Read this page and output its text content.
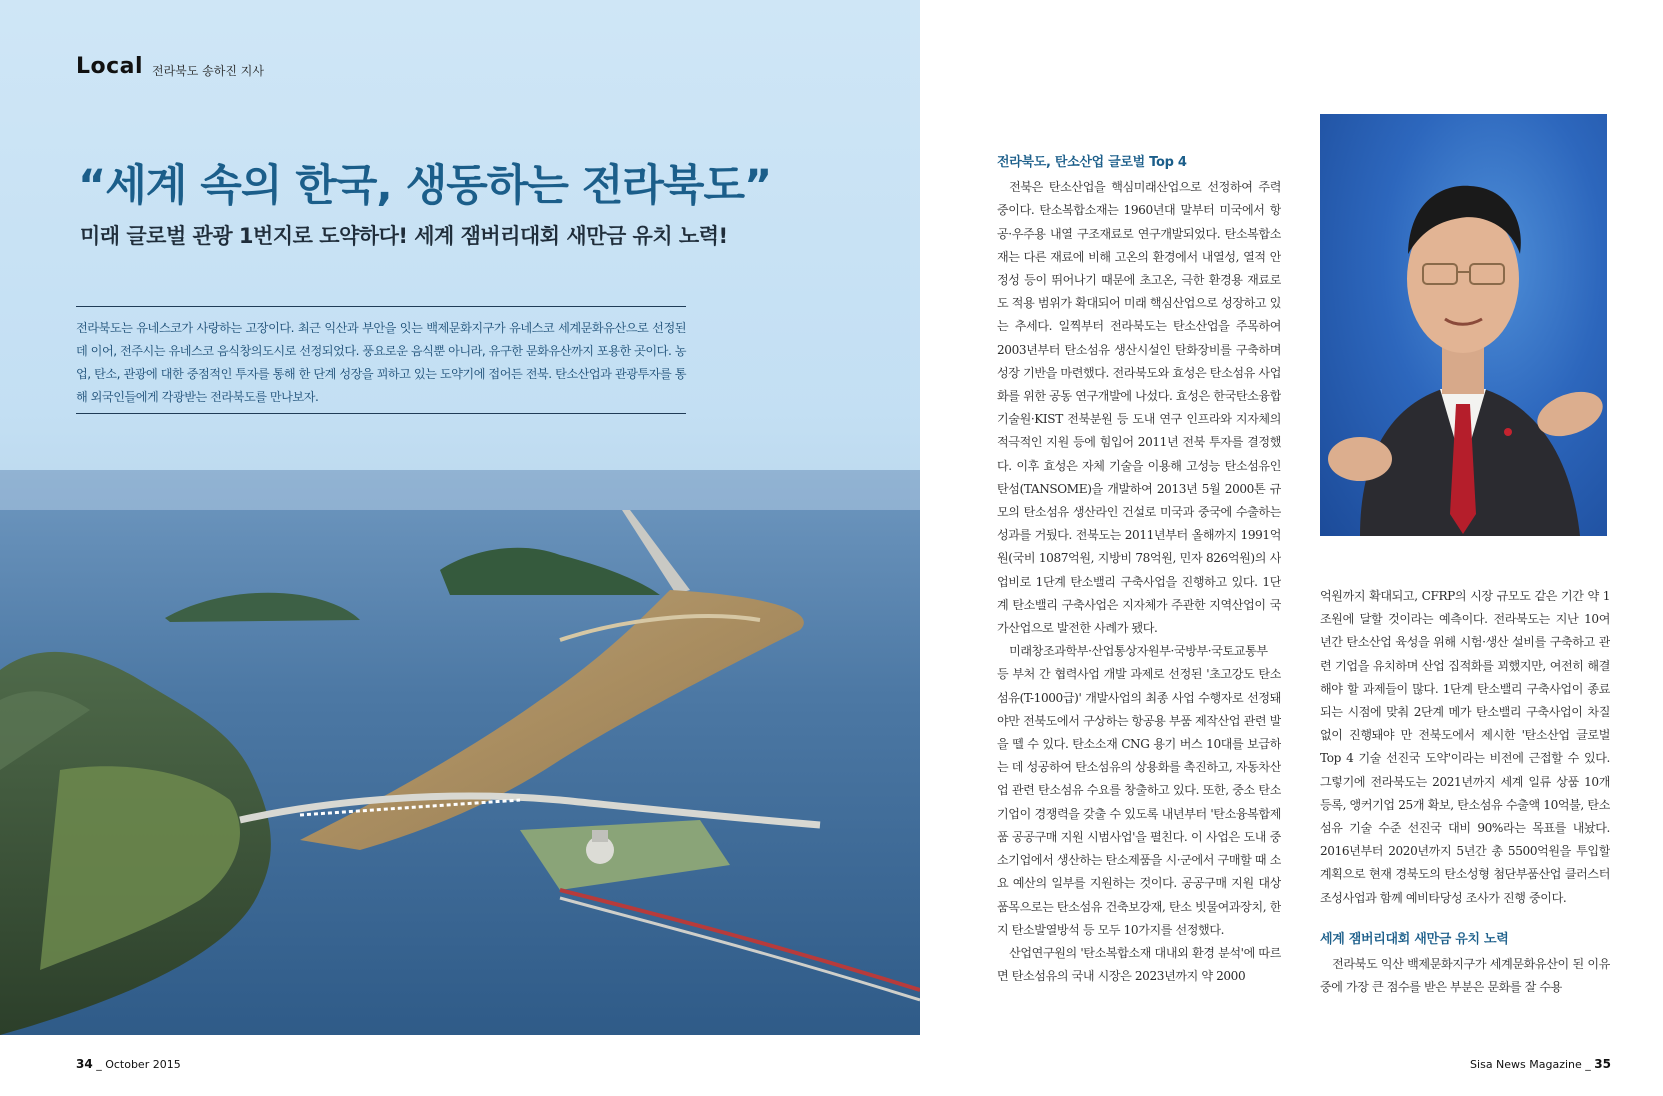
Local 전라북도 송하진 지사
“세계 속의 한국, 생동하는 전라북도”
미래 글로벌 관광 1번지로 도약하다! 세계 잼버리대회 새만금 유치 노력!

전라북도는 유네스코가 사랑하는 고장이다. 최근 익산과 부안을 잇는 백제문화지구가 유네스코 세계문화유산으로 선정된데 이어, 전주시는 유네스코 음식창의도시로 선정되었다. 풍요로운 음식뿐 아니라, 유구한 문화유산까지 포용한 곳이다. 농업, 탄소, 관광에 대한 중점적인 투자를 통해 한 단계 성장을 꾀하고 있는 도약기에 접어든 전북. 탄소산업과 관광투자를 통해 외국인들에게 각광받는 전라북도를 만나보자.

전라북도, 탄소산업 글로벌 Top 4

전북은 탄소산업을 핵심미래산업으로 선정하여 주력중이다. 탄소복합소재는 1960년대 말부터 미국에서 항공·우주용 내열 구조재료로 연구개발되었다. 탄소복합소재는 다른 재료에 비해 고온의 환경에서 내열성, 열적 안정성 등이 뛰어나기 때문에 초고온, 극한 환경용 재료로도 적용 범위가 확대되어 미래 핵심산업으로 성장하고 있는 추세다. 일찍부터 전라북도는 탄소산업을 주목하여 2003년부터 탄소섬유 생산시설인 탄화장비를 구축하며 성장 기반을 마련했다. 전라북도와 효성은 탄소섬유 사업화를 위한 공동 연구개발에 나섰다. 효성은 한국탄소융합기술원·KIST 전북분원 등 도내 연구 인프라와 지자체의 적극적인 지원 등에 힘입어 2011년 전북 투자를 결정했다. 이후 효성은 자체 기술을 이용해 고성능 탄소섬유인 탄섬(TANSOME)을 개발하여 2013년 5월 2000톤 규모의 탄소섬유 생산라인 건설로 미국과 중국에 수출하는 성과를 거뒀다. 전북도는 2011년부터 올해까지 1991억원(국비 1087억원, 지방비 78억원, 민자 826억원)의 사업비로 1단계 탄소밸리 구축사업을 진행하고 있다. 1단계 탄소밸리 구축사업은 지자체가 주관한 지역산업이 국가산업으로 발전한 사례가 됐다.

미래창조과학부·산업통상자원부·국방부·국토교통부 등 부처 간 협력사업 개발 과제로 선정된 '초고강도 탄소섬유(T-1000급)' 개발사업의 최종 사업 수행자로 선정돼야만 전북도에서 구상하는 항공용 부품 제작산업 관련 발을 뗄 수 있다. 탄소소재 CNG 용기 버스 10대를 보급하는 데 성공하여 탄소섬유의 상용화를 촉진하고, 자동차산업 관련 탄소섬유 수요를 창출하고 있다. 또한, 중소 탄소기업이 경쟁력을 갖출 수 있도록 내년부터 '탄소융복합제품 공공구매 지원 시범사업'을 펼친다. 이 사업은 도내 중소기업에서 생산하는 탄소제품을 시·군에서 구매할 때 소요 예산의 일부를 지원하는 것이다. 공공구매 지원 대상 품목으로는 탄소섬유 건축보강재, 탄소 빗물여과장치, 한지 탄소발열방석 등 모두 10가지를 선정했다.

산업연구원의 '탄소복합소재 대내외 환경 분석'에 따르면 탄소섬유의 국내 시장은 2023년까지 약 2000

억원까지 확대되고, CFRP의 시장 규모도 같은 기간 약 1조원에 달할 것이라는 예측이다. 전라북도는 지난 10여 년간 탄소산업 육성을 위해 시험·생산 설비를 구축하고 관련 기업을 유치하며 산업 집적화를 꾀했지만, 여전히 해결해야 할 과제들이 많다. 1단계 탄소밸리 구축사업이 종료되는 시점에 맞춰 2단계 메가 탄소밸리 구축사업이 차질 없이 진행돼야 만 전북도에서 제시한 '탄소산업 글로벌 Top 4 기술 선진국 도약'이라는 비전에 근접할 수 있다. 그렇기에 전라북도는 2021년까지 세계 일류 상품 10개 등록, 앵커기업 25개 확보, 탄소섬유 수출액 10억불, 탄소섬유 기술 수준 선진국 대비 90%라는 목표를 내놨다. 2016년부터 2020년까지 5년간 총 5500억원을 투입할 계획으로 현재 경북도의 탄소성형 첨단부품산업 클러스터 조성사업과 함께 예비타당성 조사가 진행 중이다.

세계 잼버리대회 새만금 유치 노력

전라북도 익산 백제문화지구가 세계문화유산이 된 이유 중에 가장 큰 점수를 받은 부분은 문화를 잘 수용

34 _ October 2015	Sisa News Magazine _ 35
